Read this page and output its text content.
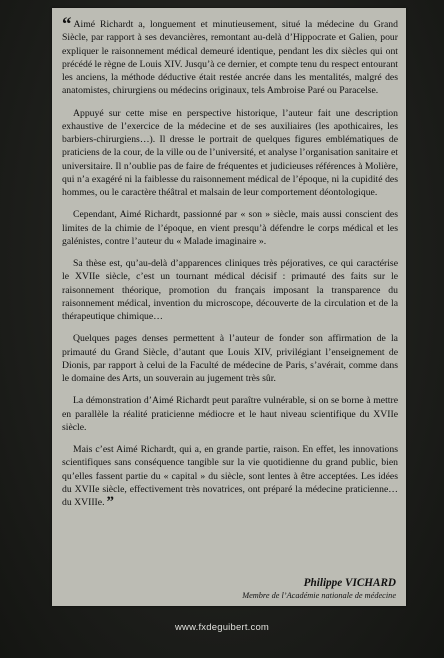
“ Aimé Richardt a, longuement et minutieusement, situé la médecine du Grand Siècle, par rapport à ses devancières, remontant au-delà d’Hippocrate et Galien, pour expliquer le raisonnement médical demeuré identique, pendant les dix siècles qui ont précédé le règne de Louis XIV. Jusqu’à ce dernier, et compte tenu du respect entourant les anciens, la méthode déductive était restée ancrée dans les mentalités, malgré des anatomistes, chirurgiens ou médecins originaux, tels Ambroise Paré ou Paracelse.

Appuyé sur cette mise en perspective historique, l’auteur fait une description exhaustive de l’exercice de la médecine et de ses auxiliaires (les apothicaires, les barbiers-chirurgiens…). Il dresse le portrait de quelques figures emblématiques de praticiens de la cour, de la ville ou de l’université, et analyse l’organisation sanitaire et universitaire. Il n’oublie pas de faire de fréquentes et judicieuses références à Molière, qui n’a exagéré ni la faiblesse du raisonnement médical de l’époque, ni la cupidité des hommes, ou le caractère théâtral et malsain de leur comportement déontologique.

Cependant, Aimé Richardt, passionné par « son » siècle, mais aussi conscient des limites de la chimie de l’époque, en vient presqu’à défendre le corps médical et les galénistes, contre l’auteur du « Malade imaginaire ».

Sa thèse est, qu’au-delà d’apparences cliniques très péjoratives, ce qui caractérise le XVIIe siècle, c’est un tournant médical décisif : primauté des faits sur le raisonnement théorique, promotion du français imposant la transparence du raisonnement médical, invention du microscope, découverte de la circulation et de la thérapeutique chimique…

Quelques pages denses permettent à l’auteur de fonder son affirmation de la primauté du Grand Siècle, d’autant que Louis XIV, privilégiant l’enseignement de Dionis, par rapport à celui de la Faculté de médecine de Paris, s’avérait, comme dans le domaine des Arts, un souverain au jugement très sûr.

La démonstration d’Aimé Richardt peut paraître vulnérable, si on se borne à mettre en parallèle la réalité praticienne médiocre et le haut niveau scientifique du XVIIe siècle.

Mais c’est Aimé Richardt, qui a, en grande partie, raison. En effet, les innovations scientifiques sans conséquence tangible sur la vie quotidienne du grand public, bien qu’elles fassent partie du « capital » du siècle, sont lentes à être acceptées. Les idées du XVIIe siècle, effectivement très novatrices, ont préparé la médecine praticienne… du XVIIIe. ”

Philippe VICHARD
Membre de l’Académie nationale de médecine
www.fxdeguibert.com
